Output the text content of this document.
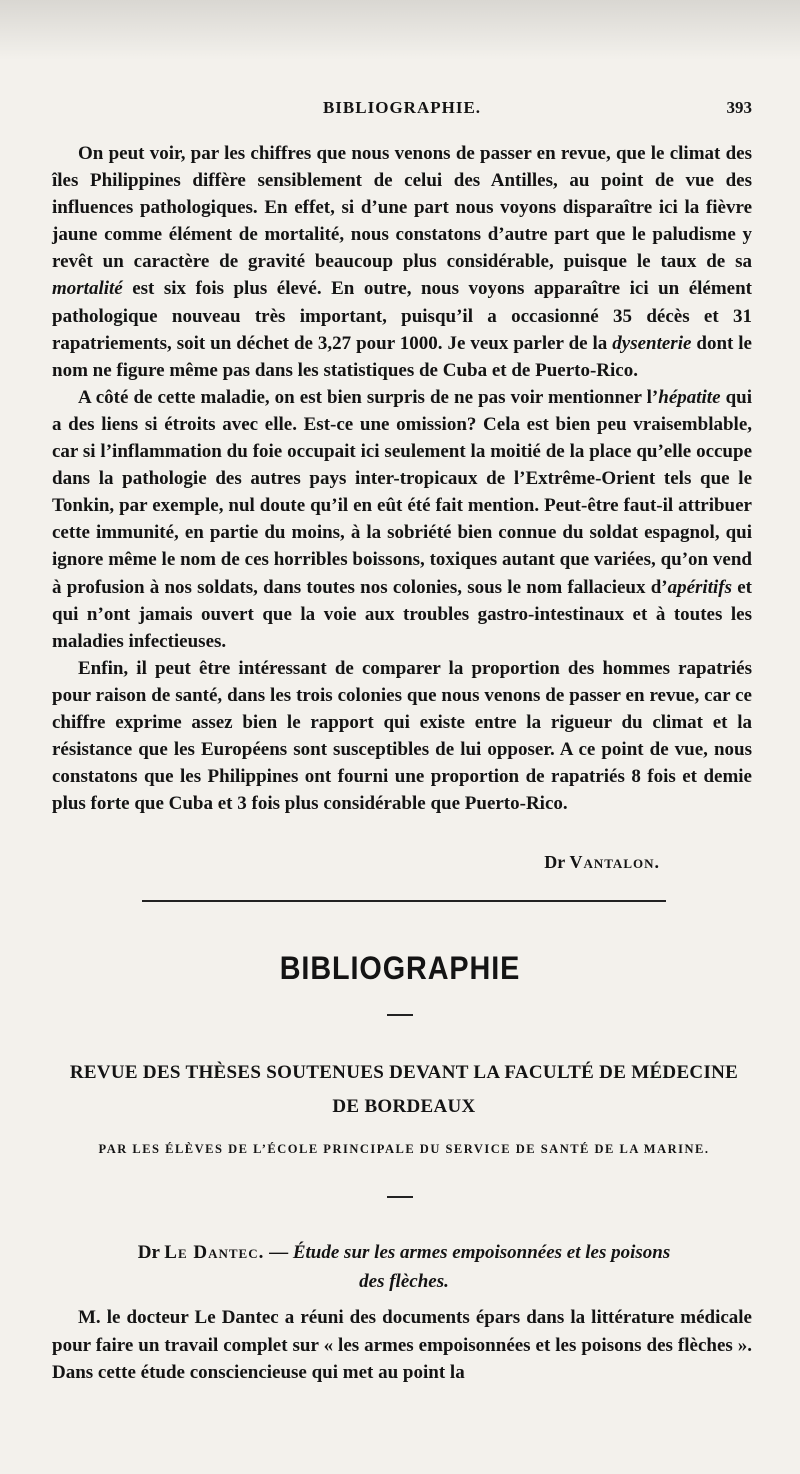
BIBLIOGRAPHIE.	393

On peut voir, par les chiffres que nous venons de passer en revue, que le climat des îles Philippines diffère sensiblement de celui des Antilles, au point de vue des influences pathologiques. En effet, si d’une part nous voyons disparaître ici la fièvre jaune comme élément de mortalité, nous constatons d’autre part que le paludisme y revêt un caractère de gravité beaucoup plus considérable, puisque le taux de sa mortalité est six fois plus élevé. En outre, nous voyons apparaître ici un élément pathologique nouveau très important, puisqu’il a occasionné 35 décès et 31 rapatriements, soit un déchet de 3,27 pour 1000. Je veux parler de la dysenterie dont le nom ne figure même pas dans les statistiques de Cuba et de Puerto-Rico.

A côté de cette maladie, on est bien surpris de ne pas voir mentionner l’hépatite qui a des liens si étroits avec elle. Est-ce une omission? Cela est bien peu vraisemblable, car si l’inflammation du foie occupait ici seulement la moitié de la place qu’elle occupe dans la pathologie des autres pays inter-tropicaux de l’Extrême-Orient tels que le Tonkin, par exemple, nul doute qu’il en eût été fait mention. Peut-être faut-il attribuer cette immunité, en partie du moins, à la sobriété bien connue du soldat espagnol, qui ignore même le nom de ces horribles boissons, toxiques autant que variées, qu’on vend à profusion à nos soldats, dans toutes nos colonies, sous le nom fallacieux d’apéritifs et qui n’ont jamais ouvert que la voie aux troubles gastro-intestinaux et à toutes les maladies infectieuses.

Enfin, il peut être intéressant de comparer la proportion des hommes rapatriés pour raison de santé, dans les trois colonies que nous venons de passer en revue, car ce chiffre exprime assez bien le rapport qui existe entre la rigueur du climat et la résistance que les Européens sont susceptibles de lui opposer. A ce point de vue, nous constatons que les Philippines ont fourni une proportion de rapatriés 8 fois et demie plus forte que Cuba et 3 fois plus considérable que Puerto-Rico.

Dr Vantalon.
BIBLIOGRAPHIE
REVUE DES THÈSES SOUTENUES DEVANT LA FACULTÉ DE MÉDECINE
DE BORDEAUX
PAR LES ÉLÈVES DE L’ÉCOLE PRINCIPALE DU SERVICE DE SANTÉ DE LA MARINE.
Dr Le Dantec. — Étude sur les armes empoisonnées et les poisons
des flèches.

M. le docteur Le Dantec a réuni des documents épars dans la littérature médicale pour faire un travail complet sur « les armes empoisonnées et les poisons des flèches ». Dans cette étude consciencieuse qui met au point la
